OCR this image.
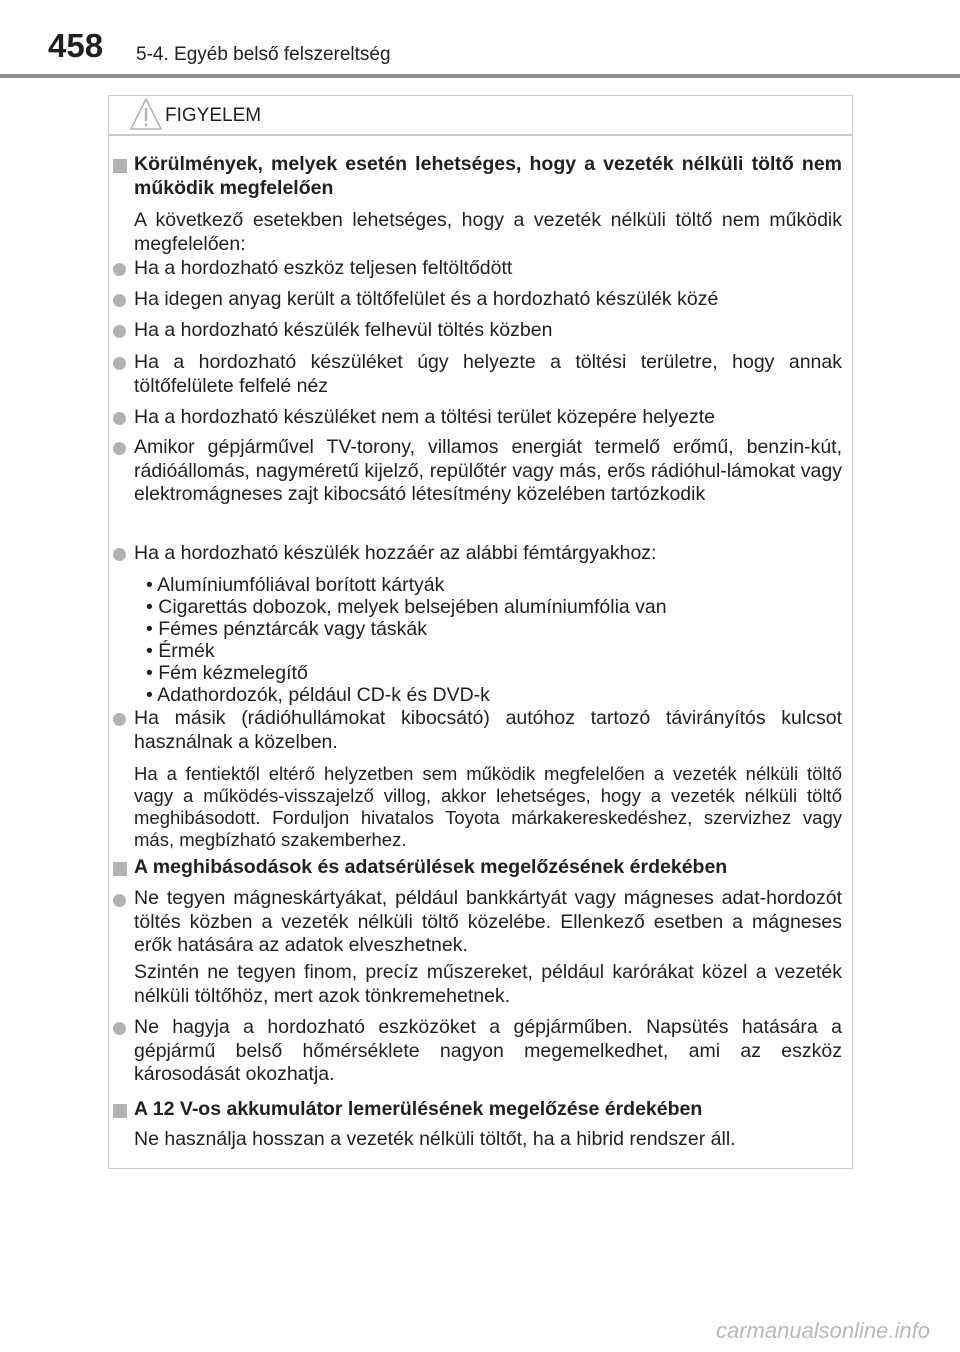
458 5-4. Egyéb belső felszereltség
FIGYELEM
Körülmények, melyek esetén lehetséges, hogy a vezeték nélküli töltő nem működik megfelelően
A következő esetekben lehetséges, hogy a vezeték nélküli töltő nem működik megfelelően:
Ha a hordozható eszköz teljesen feltöltődött
Ha idegen anyag került a töltőfelület és a hordozható készülék közé
Ha a hordozható készülék felhevül töltés közben
Ha a hordozható készüléket úgy helyezte a töltési területre, hogy annak töltőfelülete felfelé néz
Ha a hordozható készüléket nem a töltési terület közepére helyezte
Amikor gépjárművel TV-torony, villamos energiát termelő erőmű, benzin-kút, rádióállomás, nagyméretű kijelző, repülőtér vagy más, erős rádióhul-lámokat vagy elektromágneses zajt kibocsátó létesítmény közelében tartózkodik
Ha a hordozható készülék hozzáér az alábbi fémtárgyakhoz:
• Alumíniumfóliával borított kártyák
• Cigarettás dobozok, melyek belsejében alumíniumfólia van
• Fémes pénztárcák vagy táskák
• Érmék
• Fém kézmelegítő
• Adathordozók, például CD-k és DVD-k
Ha másik (rádióhullámokat kibocsátó) autóhoz tartozó távirányítós kulcsot használnak a közelben.
Ha a fentiektől eltérő helyzetben sem működik megfelelően a vezeték nélküli töltő vagy a működés-visszajelző villog, akkor lehetséges, hogy a vezeték nélküli töltő meghibásodott. Forduljon hivatalos Toyota márkakereskedéshez, szervizhez vagy más, megbízható szakemberhez.
A meghibásodások és adatsérülések megelőzésének érdekében
Ne tegyen mágneskártyákat, például bankkártyát vagy mágneses adat-hordozót töltés közben a vezeték nélküli töltő közelébe. Ellenkező esetben a mágneses erők hatására az adatok elveszhetnek.
Szintén ne tegyen finom, precíz műszereket, például karórákat közel a vezeték nélküli töltőhöz, mert azok tönkremehetnek.
Ne hagyja a hordozható eszközöket a gépjárműben. Napsütés hatására a gépjármű belső hőmérséklete nagyon megemelkedhet, ami az eszköz károsodását okozhatja.
A 12 V-os akkumulátor lemerülésének megelőzése érdekében
Ne használja hosszan a vezeték nélküli töltőt, ha a hibrid rendszer áll.
carmanualsonline.info
